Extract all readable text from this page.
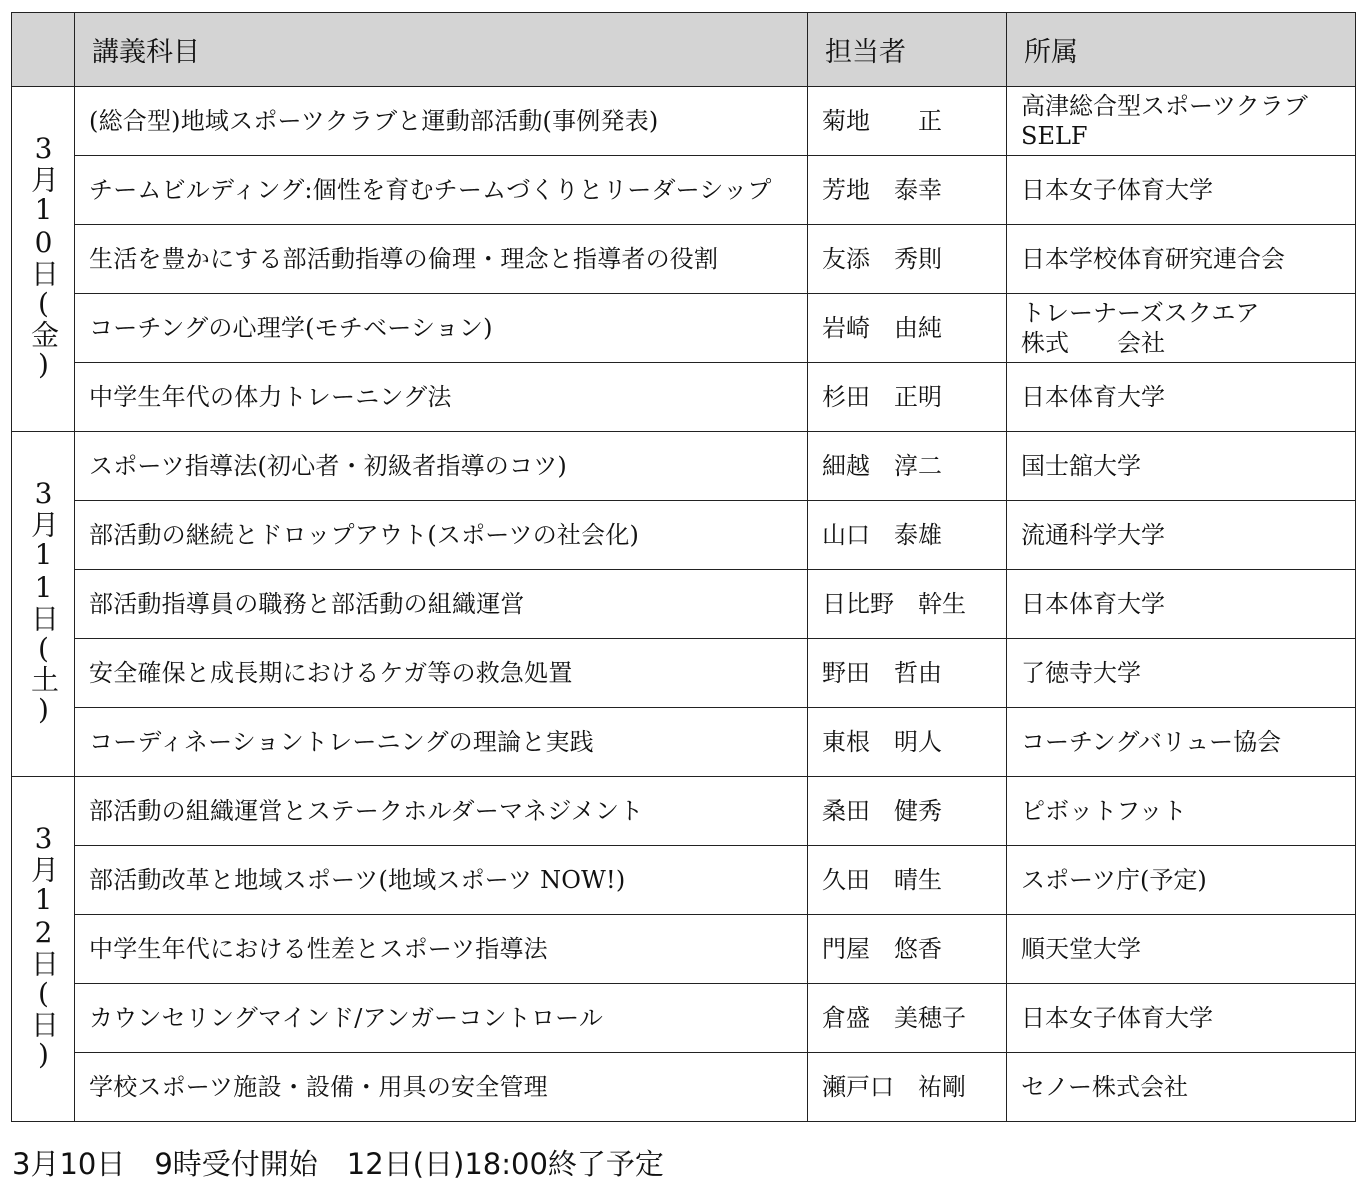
	講義科目	担当者	所属
3月10日(金)	(総合型)地域スポーツクラブと運動部活動(事例発表)	菊地　　正	高津総合型スポーツクラブ
SELF

	チームビルディング:個性を育むチームづくりとリーダーシップ	芳地　泰幸	日本女子体育大学

	生活を豊かにする部活動指導の倫理・理念と指導者の役割	友添　秀則	日本学校体育研究連合会

	コーチングの心理学(モチベーション)	岩崎　由純	トレーナーズスクエア
株式　　会社

	中学生年代の体力トレーニング法	杉田　正明	日本体育大学

3月11日(土)	スポーツ指導法(初心者・初級者指導のコツ)	細越　淳二	国士舘大学

	部活動の継続とドロップアウト(スポーツの社会化)	山口　泰雄	流通科学大学

	部活動指導員の職務と部活動の組織運営	日比野　幹生	日本体育大学

	安全確保と成長期におけるケガ等の救急処置	野田　哲由	了徳寺大学

	コーディネーショントレーニングの理論と実践	東根　明人	コーチングバリュー協会

3月12日(日)	部活動の組織運営とステークホルダーマネジメント	桑田　健秀	ピボットフット

	部活動改革と地域スポーツ(地域スポーツ NOW!)	久田　晴生	スポーツ庁(予定)

	中学生年代における性差とスポーツ指導法	門屋　悠香	順天堂大学

	カウンセリングマインド/アンガーコントロール	倉盛　美穂子	日本女子体育大学

	学校スポーツ施設・設備・用具の安全管理	瀬戸口　祐剛	セノー株式会社
3月10日　9時受付開始　12日(日)18:00終了予定
